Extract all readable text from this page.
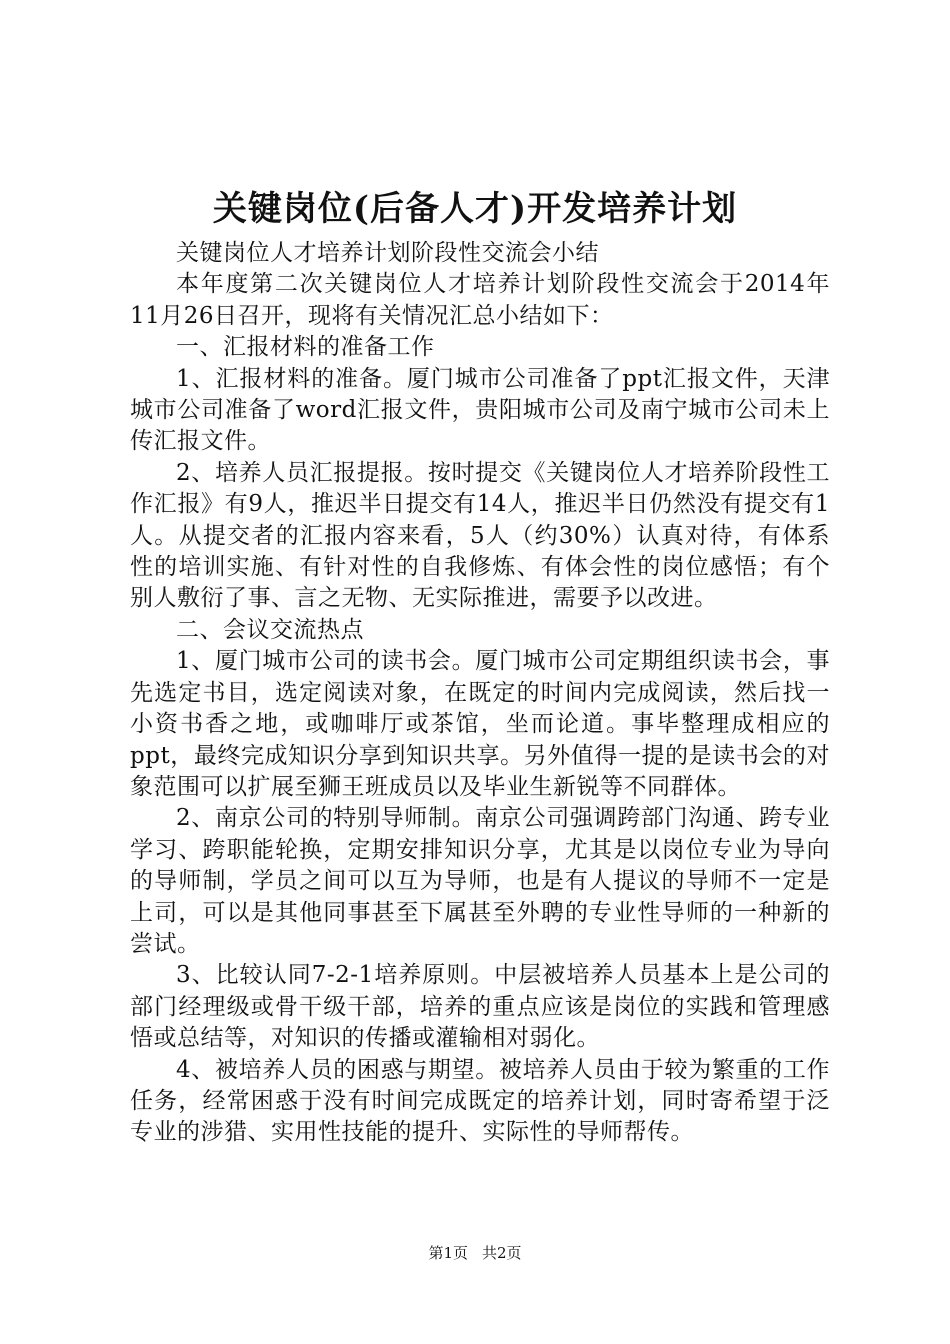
关键岗位(后备人才)开发培养计划

关键岗位人才培养计划阶段性交流会小结

本年度第二次关键岗位人才培养计划阶段性交流会于2014年11月26日召开，现将有关情况汇总小结如下：

一、汇报材料的准备工作

1、汇报材料的准备。厦门城市公司准备了ppt汇报文件，天津城市公司准备了word汇报文件，贵阳城市公司及南宁城市公司未上传汇报文件。

2、培养人员汇报提报。按时提交《关键岗位人才培养阶段性工作汇报》有9人，推迟半日提交有14人，推迟半日仍然没有提交有1人。从提交者的汇报内容来看，5人（约30%）认真对待，有体系性的培训实施、有针对性的自我修炼、有体会性的岗位感悟；有个别人敷衍了事、言之无物、无实际推进，需要予以改进。

二、会议交流热点

1、厦门城市公司的读书会。厦门城市公司定期组织读书会，事先选定书目，选定阅读对象，在既定的时间内完成阅读，然后找一小资书香之地，或咖啡厅或茶馆，坐而论道。事毕整理成相应的ppt，最终完成知识分享到知识共享。另外值得一提的是读书会的对象范围可以扩展至狮王班成员以及毕业生新锐等不同群体。

2、南京公司的特别导师制。南京公司强调跨部门沟通、跨专业学习、跨职能轮换，定期安排知识分享，尤其是以岗位专业为导向的导师制，学员之间可以互为导师，也是有人提议的导师不一定是上司，可以是其他同事甚至下属甚至外聘的专业性导师的一种新的尝试。

3、比较认同7-2-1培养原则。中层被培养人员基本上是公司的部门经理级或骨干级干部，培养的重点应该是岗位的实践和管理感悟或总结等，对知识的传播或灌输相对弱化。

4、被培养人员的困惑与期望。被培养人员由于较为繁重的工作任务，经常困惑于没有时间完成既定的培养计划，同时寄希望于泛专业的涉猎、实用性技能的提升、实际性的导师帮传。

第1页 共2页
